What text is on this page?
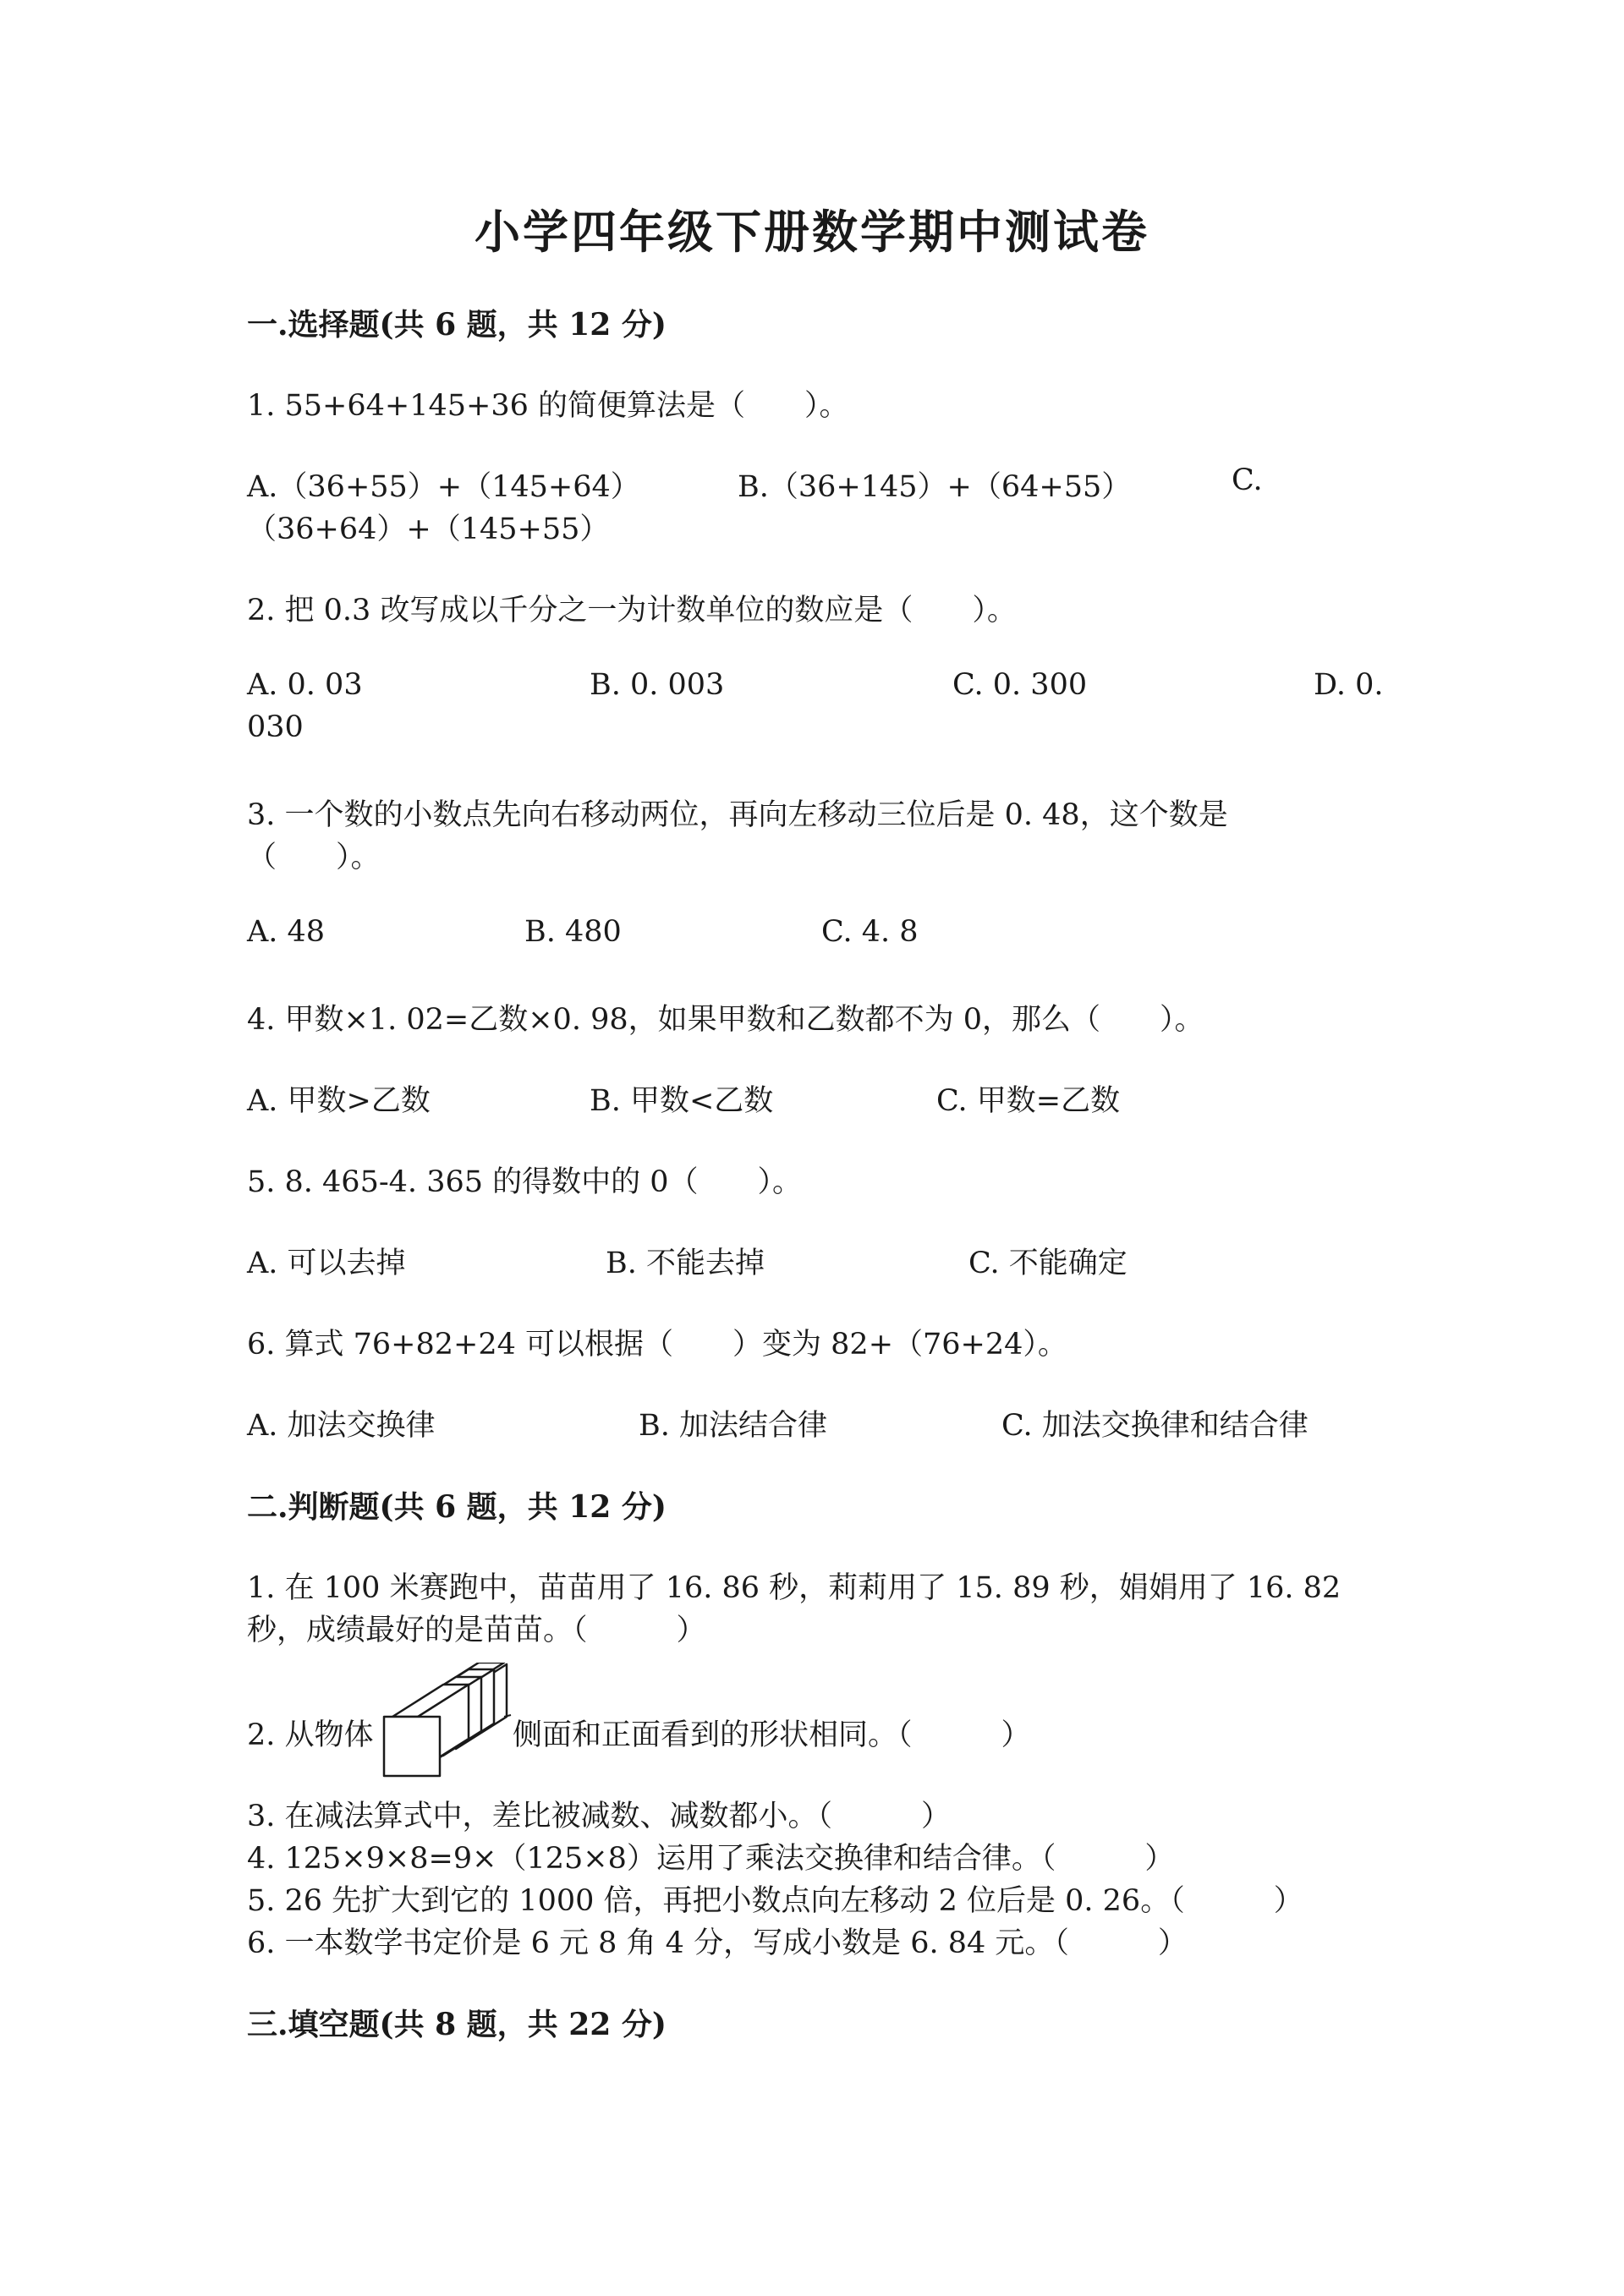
小学四年级下册数学期中测试卷
一.选择题(共 6 题，共 12 分)
1. 55+64+145+36 的简便算法是（　　）。
A.（36+55）+（145+64）	B.（36+145）+（64+55）	C.
（36+64）+（145+55）
2. 把 0.3 改写成以千分之一为计数单位的数应是（　　）。
A. 0. 03	B. 0. 003	C. 0. 300	D. 0.
030
3. 一个数的小数点先向右移动两位，再向左移动三位后是 0. 48，这个数是
（　　）。
A. 48	B. 480	C. 4. 8
4. 甲数×1. 02=乙数×0. 98，如果甲数和乙数都不为 0，那么（　　）。
A. 甲数>乙数	B. 甲数<乙数	C. 甲数=乙数
5. 8. 465-4. 365 的得数中的 0（　　）。
A. 可以去掉	B. 不能去掉	C. 不能确定
6. 算式 76+82+24 可以根据（　　）变为 82+（76+24）。
A. 加法交换律	B. 加法结合律	C. 加法交换律和结合律
二.判断题(共 6 题，共 12 分)
1. 在 100 米赛跑中，苗苗用了 16. 86 秒，莉莉用了 15. 89 秒，娟娟用了 16. 82
秒，成绩最好的是苗苗。（　　　）
2. 从物体	侧面和正面看到的形状相同。（　　　）
3. 在减法算式中，差比被减数、减数都小。（　　　）
4. 125×9×8=9×（125×8）运用了乘法交换律和结合律。（　　　）
5. 26 先扩大到它的 1000 倍，再把小数点向左移动 2 位后是 0. 26。（　　　）
6. 一本数学书定价是 6 元 8 角 4 分，写成小数是 6. 84 元。（　　　）
三.填空题(共 8 题，共 22 分)
